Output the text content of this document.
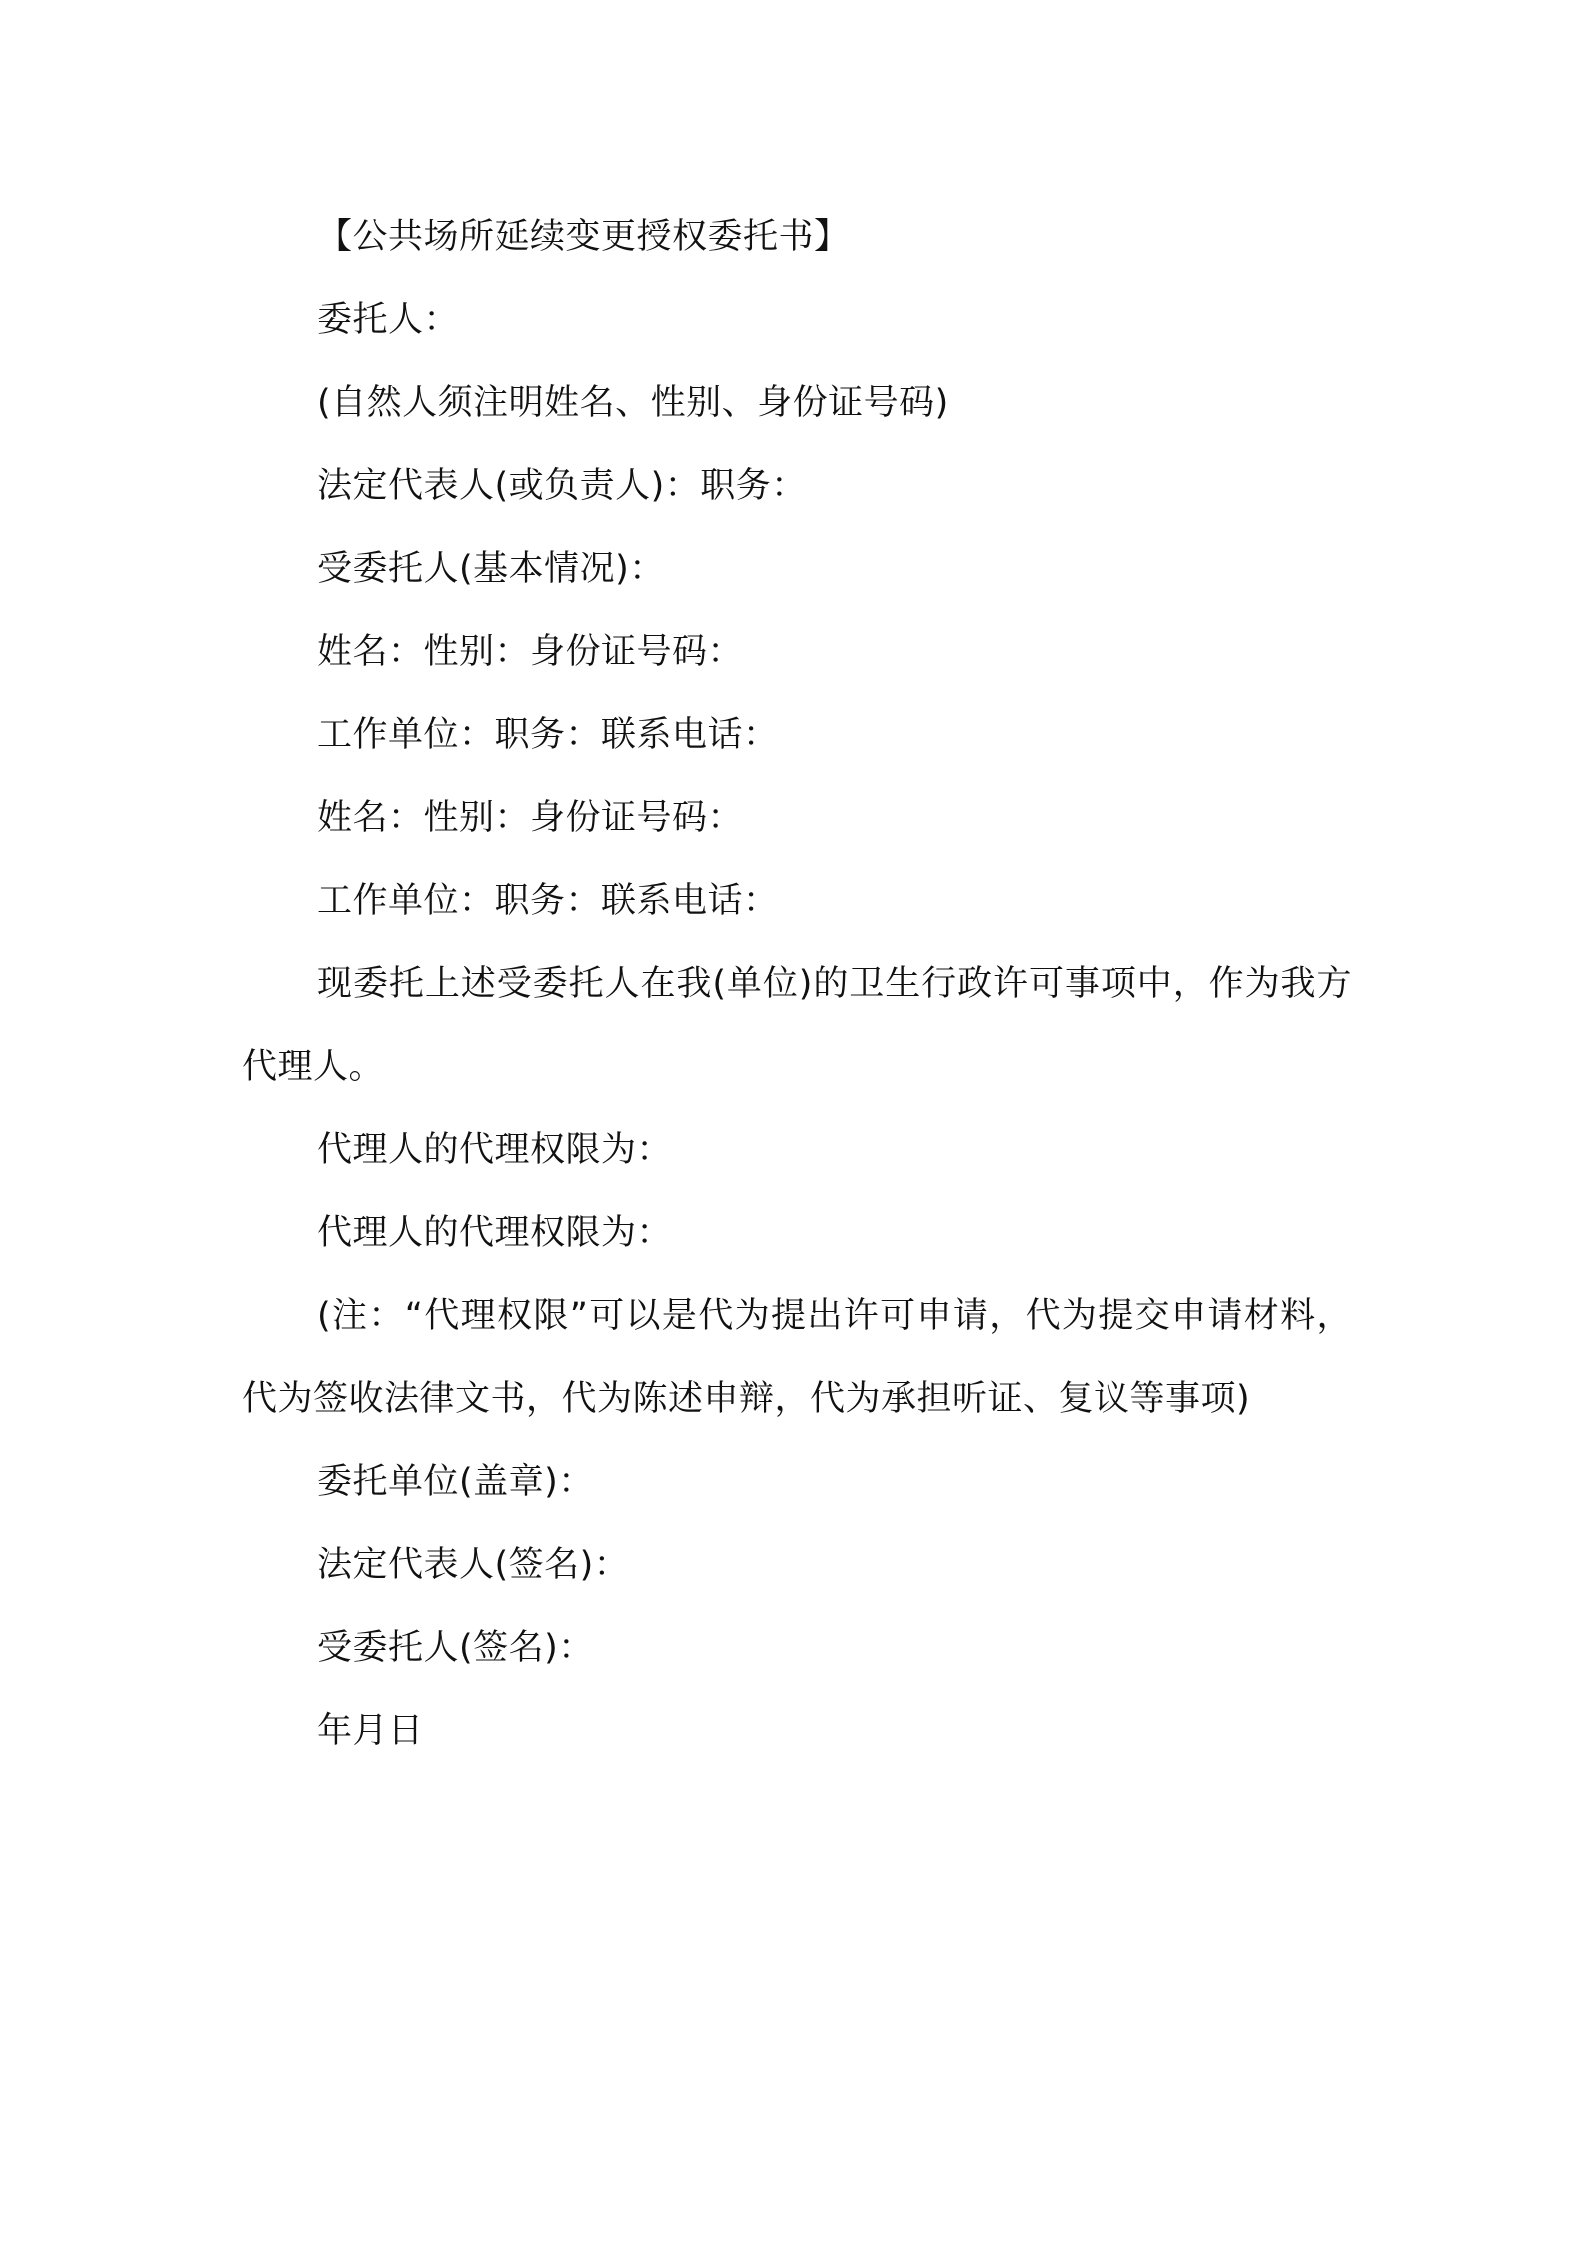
【公共场所延续变更授权委托书】
委托人：
(自然人须注明姓名、性别、身份证号码)
法定代表人(或负责人)：职务：
受委托人(基本情况)：
姓名：性别：身份证号码：
工作单位：职务：联系电话：
姓名：性别：身份证号码：
工作单位：职务：联系电话：
现委托上述受委托人在我(单位)的卫生行政许可事项中，作为我方代理人。
代理人的代理权限为：
代理人的代理权限为：
(注：“代理权限”可以是代为提出许可申请，代为提交申请材料，代为签收法律文书，代为陈述申辩，代为承担听证、复议等事项)
委托单位(盖章)：
法定代表人(签名)：
受委托人(签名)：
年月日
